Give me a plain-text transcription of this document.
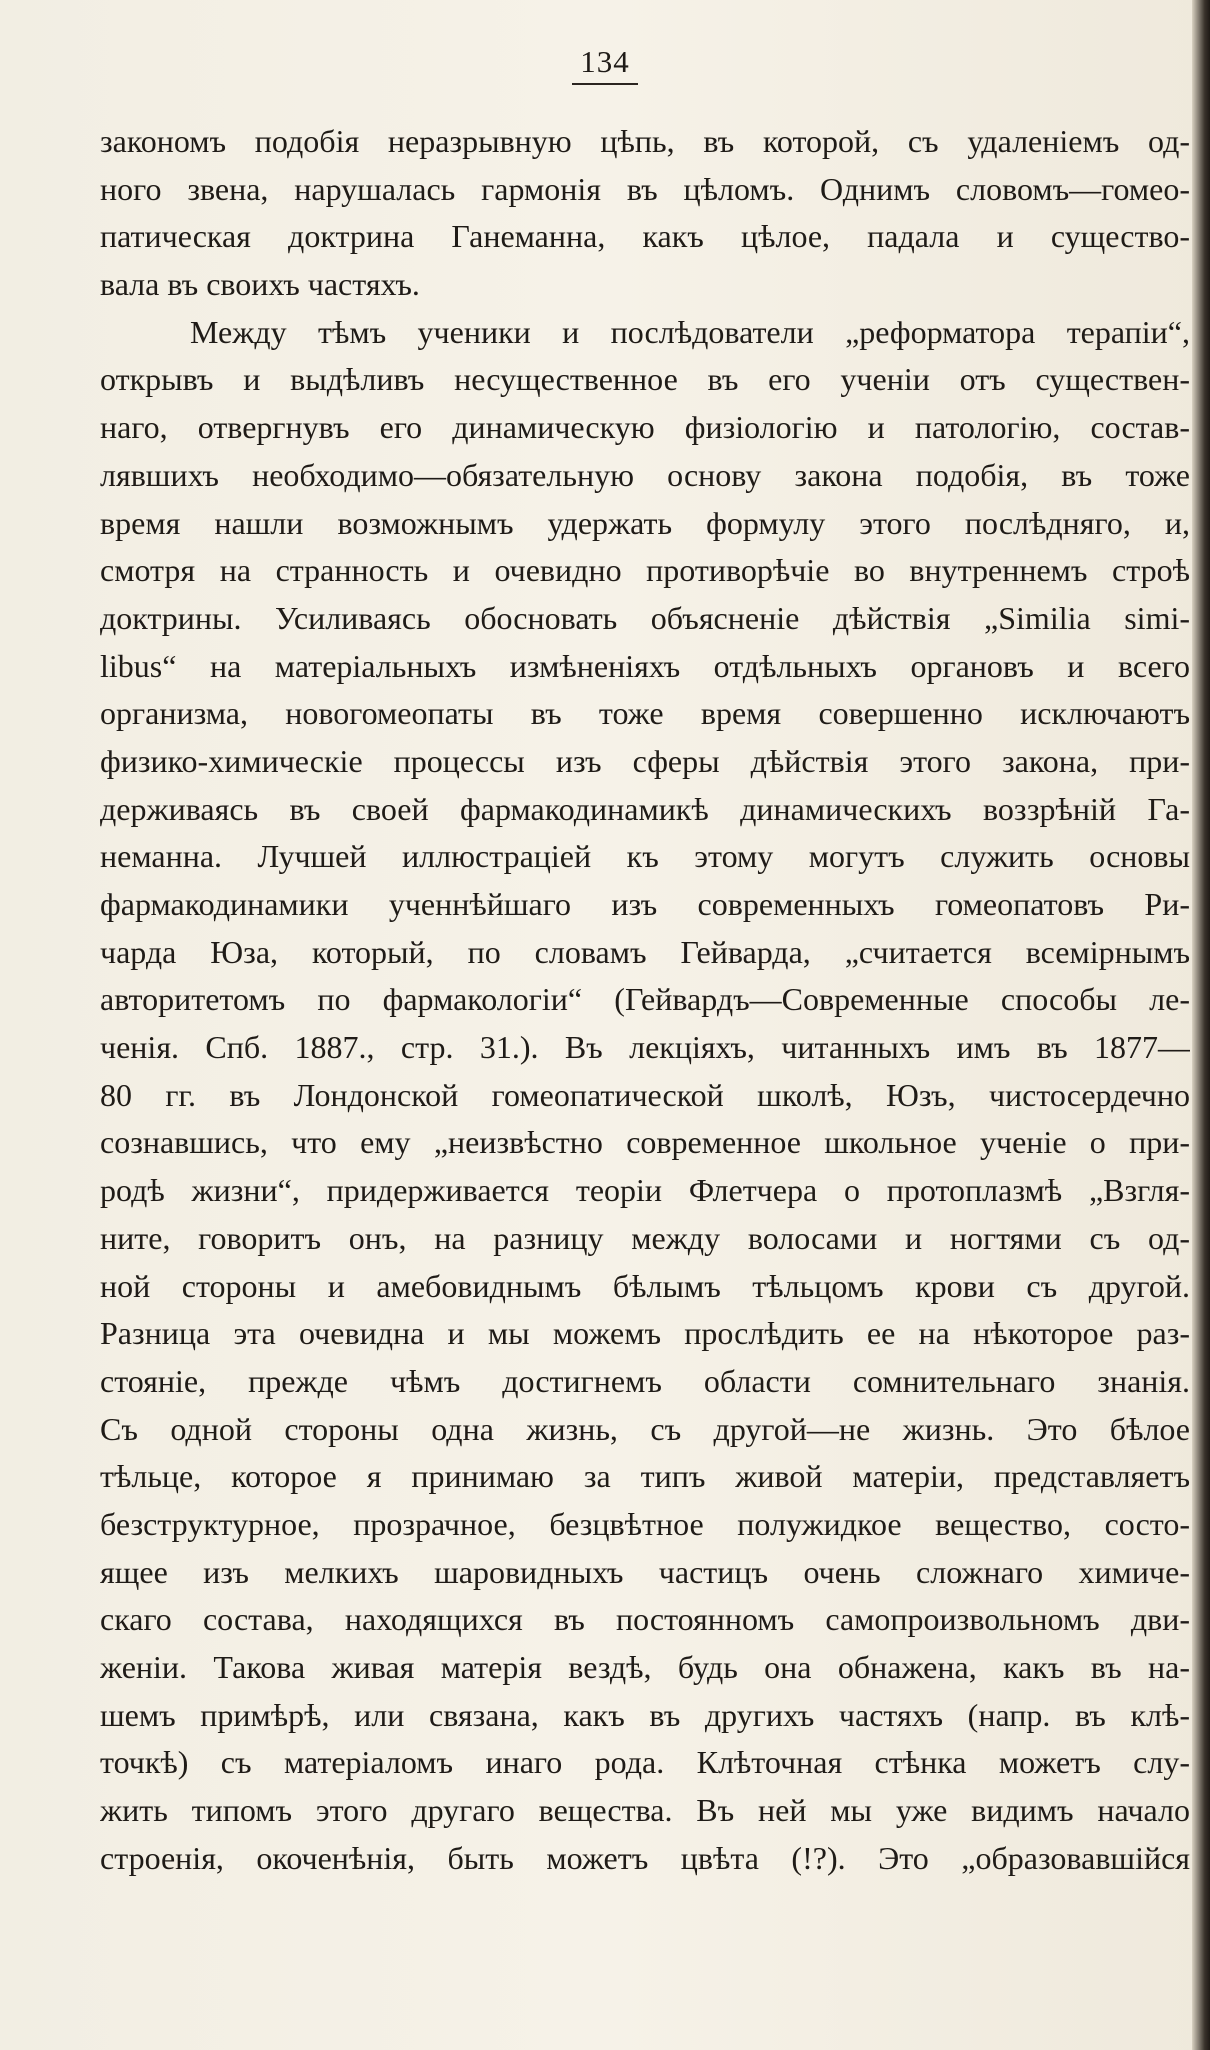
134
закономъ подобія неразрывную цѣпь, въ которой, съ удаленіемъ од-
ного звена, нарушалась гармонія въ цѣломъ. Однимъ словомъ—гомео-
патическая доктрина Ганеманна, какъ цѣлое, падала и существо-
вала въ своихъ частяхъ.
Между тѣмъ ученики и послѣдователи „реформатора терапіи“,
открывъ и выдѣливъ несущественное въ его ученіи отъ существен-
наго, отвергнувъ его динамическую физіологію и патологію, состав-
лявшихъ необходимо—обязательную основу закона подобія, въ тоже
время нашли возможнымъ удержать формулу этого послѣдняго, и,
смотря на странность и очевидно противорѣчіе во внутреннемъ строѣ
доктрины. Усиливаясь обосновать объясненіе дѣйствія „Similia simi-
libus“ на матеріальныхъ измѣненіяхъ отдѣльныхъ органовъ и всего
организма, новогомеопаты въ тоже время совершенно исключаютъ
физико-химическіе процессы изъ сферы дѣйствія этого закона, при-
держиваясь въ своей фармакодинамикѣ динамическихъ воззрѣній Га-
неманна. Лучшей иллюстраціей къ этому могутъ служить основы
фармакодинамики ученнѣйшаго изъ современныхъ гомеопатовъ Ри-
чарда Юза, который, по словамъ Гейварда, „считается всемірнымъ
авторитетомъ по фармакологіи“ (Гейвардъ—Современные способы ле-
ченія. Спб. 1887., стр. 31.). Въ лекціяхъ, читанныхъ имъ въ 1877—
80 гг. въ Лондонской гомеопатической школѣ, Юзъ, чистосердечно
сознавшись, что ему „неизвѣстно современное школьное ученіе о при-
родѣ жизни“, придерживается теоріи Флетчера о протоплазмѣ „Взгля-
ните, говоритъ онъ, на разницу между волосами и ногтями съ од-
ной стороны и амебовиднымъ бѣлымъ тѣльцомъ крови съ другой.
Разница эта очевидна и мы можемъ прослѣдить ее на нѣкоторое раз-
стояніе, прежде чѣмъ достигнемъ области сомнительнаго знанія.
Съ одной стороны одна жизнь, съ другой—не жизнь. Это бѣлое
тѣльце, которое я принимаю за типъ живой матеріи, представляетъ
безструктурное, прозрачное, безцвѣтное полужидкое вещество, состо-
ящее изъ мелкихъ шаровидныхъ частицъ очень сложнаго химиче-
скаго состава, находящихся въ постоянномъ самопроизвольномъ дви-
женіи. Такова живая матерія вездѣ, будь она обнажена, какъ въ на-
шемъ примѣрѣ, или связана, какъ въ другихъ частяхъ (напр. въ клѣ-
точкѣ) съ матеріаломъ инаго рода. Клѣточная стѣнка можетъ слу-
жить типомъ этого другаго вещества. Въ ней мы уже видимъ начало
строенія, окоченѣнія, быть можетъ цвѣта (!?). Это „образовавшійся
